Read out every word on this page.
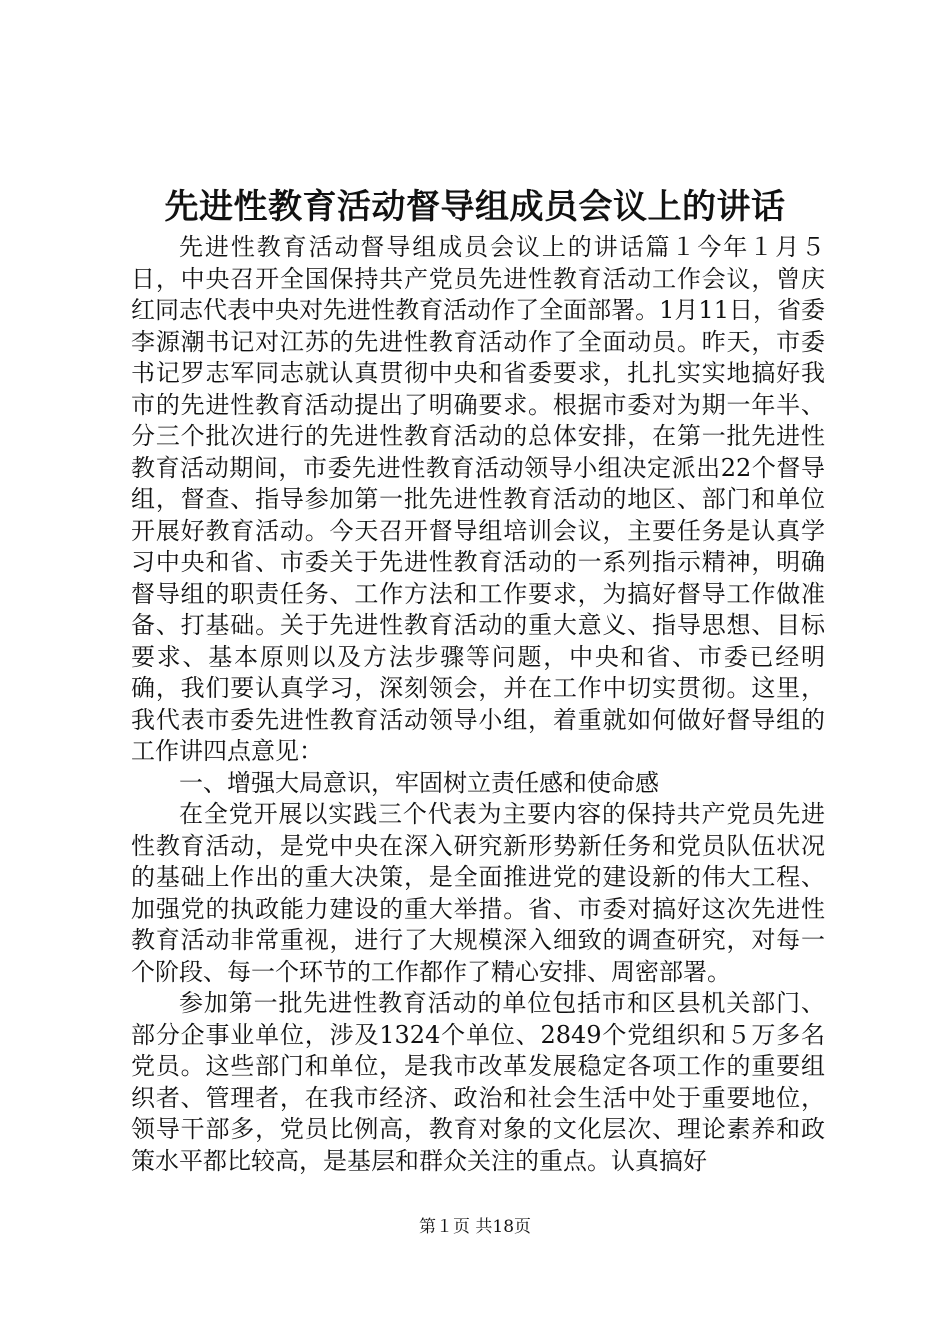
先进性教育活动督导组成员会议上的讲话

先进性教育活动督导组成员会议上的讲话篇１今年１月５日，中央召开全国保持共产党员先进性教育活动工作会议，曾庆红同志代表中央对先进性教育活动作了全面部署。1月11日，省委李源潮书记对江苏的先进性教育活动作了全面动员。昨天，市委书记罗志军同志就认真贯彻中央和省委要求，扎扎实实地搞好我市的先进性教育活动提出了明确要求。根据市委对为期一年半、分三个批次进行的先进性教育活动的总体安排，在第一批先进性教育活动期间，市委先进性教育活动领导小组决定派出22个督导组，督查、指导参加第一批先进性教育活动的地区、部门和单位开展好教育活动。今天召开督导组培训会议，主要任务是认真学习中央和省、市委关于先进性教育活动的一系列指示精神，明确督导组的职责任务、工作方法和工作要求，为搞好督导工作做准备、打基础。关于先进性教育活动的重大意义、指导思想、目标要求、基本原则以及方法步骤等问题，中央和省、市委已经明确，我们要认真学习，深刻领会，并在工作中切实贯彻。这里，我代表市委先进性教育活动领导小组，着重就如何做好督导组的工作讲四点意见：

一、增强大局意识，牢固树立责任感和使命感

在全党开展以实践三个代表为主要内容的保持共产党员先进性教育活动，是党中央在深入研究新形势新任务和党员队伍状况的基础上作出的重大决策，是全面推进党的建设新的伟大工程、加强党的执政能力建设的重大举措。省、市委对搞好这次先进性教育活动非常重视，进行了大规模深入细致的调查研究，对每一个阶段、每一个环节的工作都作了精心安排、周密部署。

参加第一批先进性教育活动的单位包括市和区县机关部门、部分企事业单位，涉及1324个单位、2849个党组织和５万多名党员。这些部门和单位，是我市改革发展稳定各项工作的重要组织者、管理者，在我市经济、政治和社会生活中处于重要地位，领导干部多，党员比例高，教育对象的文化层次、理论素养和政策水平都比较高，是基层和群众关注的重点。认真搞好

第１页 共18页
